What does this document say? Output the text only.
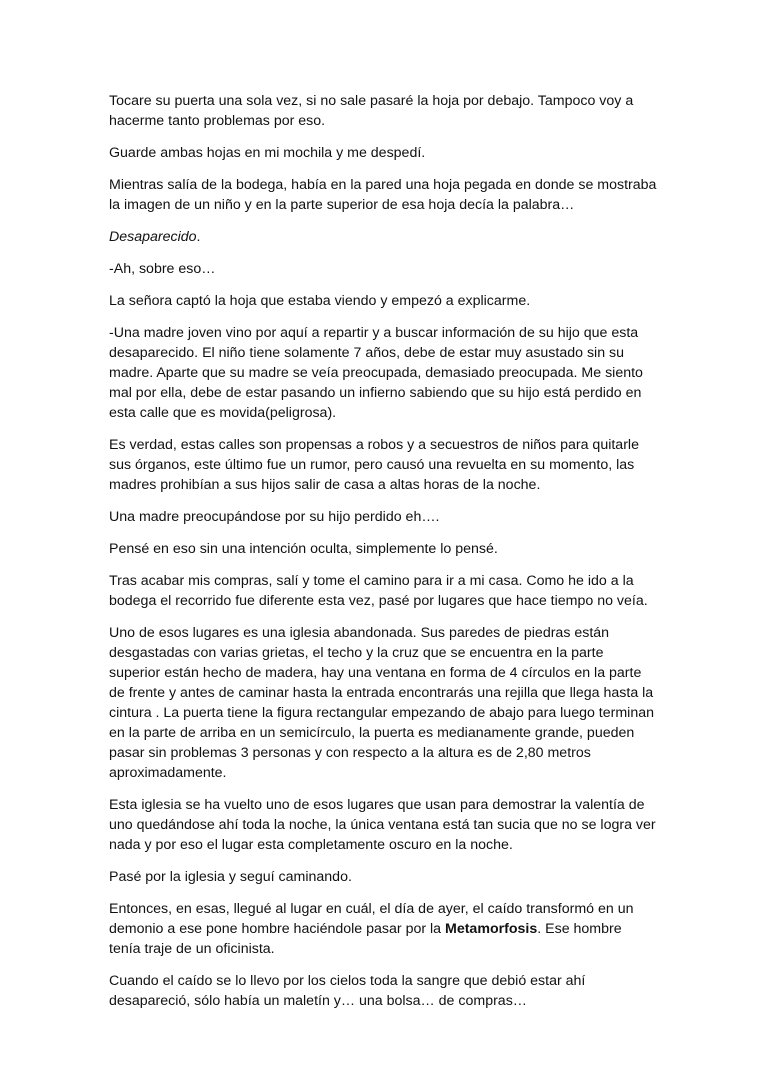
Tocare su puerta una sola vez, si no sale pasaré la hoja por debajo. Tampoco voy a hacerme tanto problemas por eso.

Guarde ambas hojas en mi mochila y me despedí.

Mientras salía de la bodega, había en la pared una hoja pegada en donde se mostraba la imagen de un niño y en la parte superior de esa hoja decía la palabra…

Desaparecido.

-Ah, sobre eso…

La señora captó la hoja que estaba viendo y empezó a explicarme.

-Una madre joven vino por aquí a repartir y a buscar información de su hijo que esta desaparecido. El niño tiene solamente 7 años, debe de estar muy asustado sin su madre. Aparte que su madre se veía preocupada, demasiado preocupada. Me siento mal por ella, debe de estar pasando un infierno sabiendo que su hijo está perdido en esta calle que es movida(peligrosa).

Es verdad, estas calles son propensas a robos y a secuestros de niños para quitarle sus órganos, este último fue un rumor, pero causó una revuelta en su momento, las madres prohibían a sus hijos salir de casa a altas horas de la noche.

Una madre preocupándose por su hijo perdido eh….

Pensé en eso sin una intención oculta, simplemente lo pensé.

Tras acabar mis compras, salí y tome el camino para ir a mi casa. Como he ido a la bodega el recorrido fue diferente esta vez, pasé por lugares que hace tiempo no veía.

Uno de esos lugares es una iglesia abandonada. Sus paredes de piedras están desgastadas con varias grietas, el techo y la cruz que se encuentra en la parte superior están hecho de madera, hay una ventana en forma de 4 círculos en la parte de frente y antes de caminar hasta la entrada encontrarás una rejilla que llega hasta la cintura . La puerta tiene la figura rectangular empezando de abajo para luego terminan en la parte de arriba en un semicírculo, la puerta es medianamente grande, pueden pasar sin problemas 3 personas y con respecto a la altura es de 2,80 metros aproximadamente.

Esta iglesia se ha vuelto uno de esos lugares que usan para demostrar la valentía de uno quedándose ahí toda la noche, la única ventana está tan sucia que no se logra ver nada y por eso el lugar esta completamente oscuro en la noche.

Pasé por la iglesia y seguí caminando.

Entonces, en esas, llegué al lugar en cuál, el día de ayer, el caído transformó en un demonio a ese pone hombre haciéndole pasar por la Metamorfosis. Ese hombre tenía traje de un oficinista.

Cuando el caído se lo llevo por los cielos toda la sangre que debió estar ahí desapareció, sólo había un maletín y… una bolsa… de compras…
